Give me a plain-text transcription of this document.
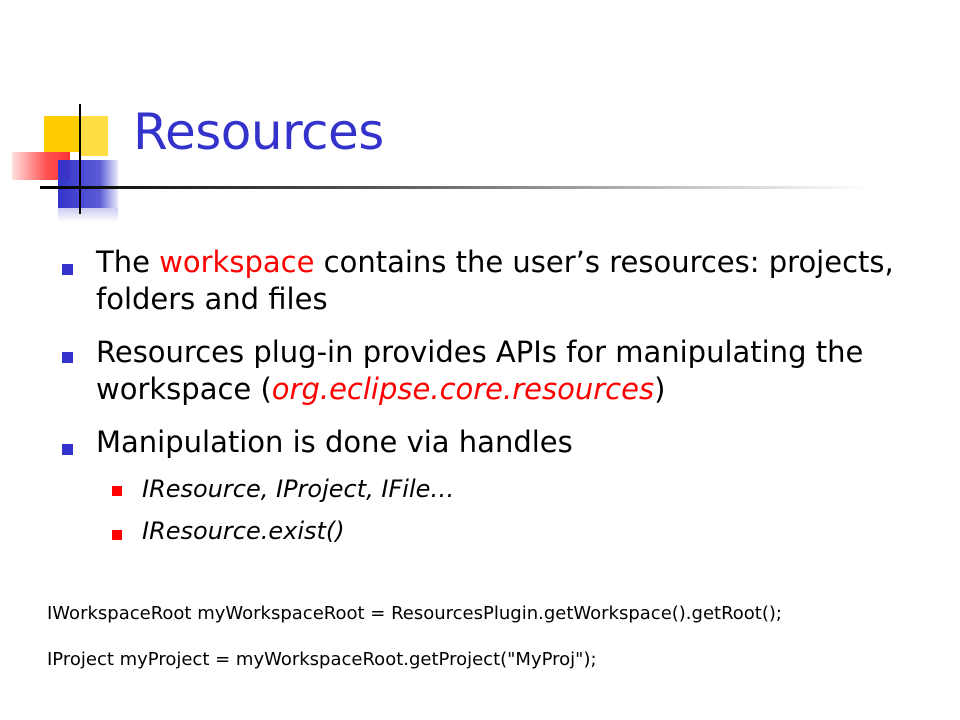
Resources
The workspace contains the user’s resources: projects, folders and files
Resources plug-in provides APIs for manipulating the workspace (org.eclipse.core.resources)
Manipulation is done via handles
IResource, IProject, IFile…
IResource.exist()
IWorkspaceRoot myWorkspaceRoot = ResourcesPlugin.getWorkspace().getRoot();
IProject myProject = myWorkspaceRoot.getProject("MyProj");
